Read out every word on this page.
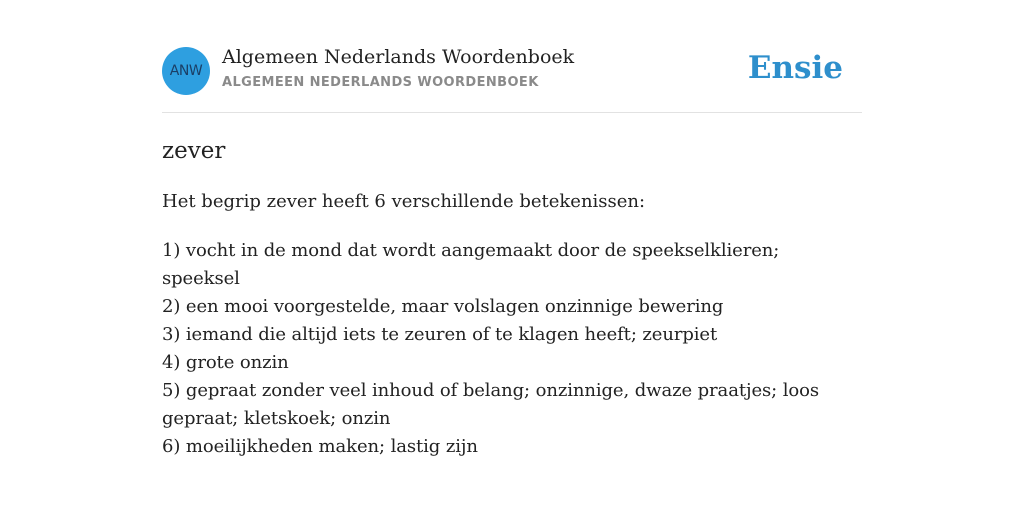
ANW
Algemeen Nederlands Woordenboek
ALGEMEEN NEDERLANDS WOORDENBOEK	Ensie
zever
Het begrip zever heeft 6 verschillende betekenissen:
1) vocht in de mond dat wordt aangemaakt door de speekselklieren; speeksel
2) een mooi voorgestelde, maar volslagen onzinnige bewering
3) iemand die altijd iets te zeuren of te klagen heeft; zeurpiet
4) grote onzin
5) gepraat zonder veel inhoud of belang; onzinnige, dwaze praatjes; loos gepraat; kletskoek; onzin
6) moeilijkheden maken; lastig zijn
